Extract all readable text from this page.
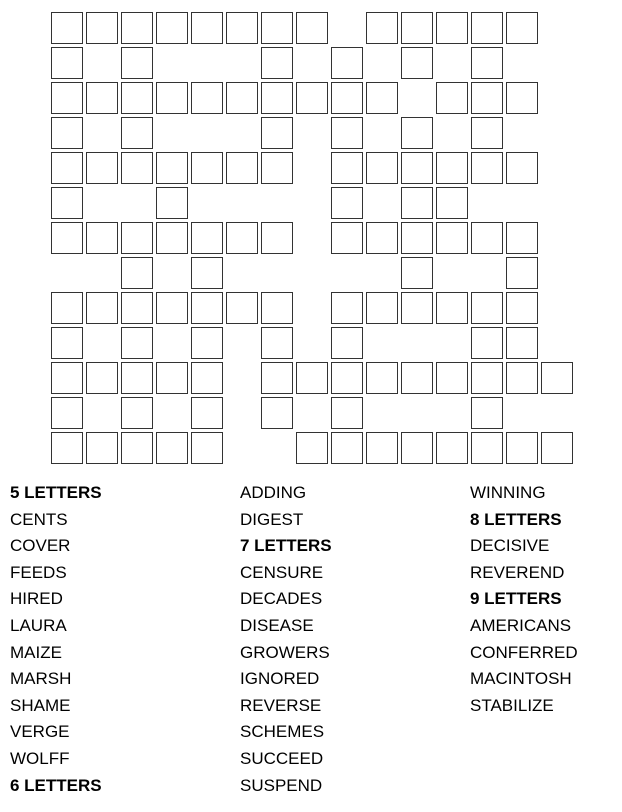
5 LETTERS
CENTS
COVER
FEEDS
HIRED
LAURA
MAIZE
MARSH
SHAME
VERGE
WOLFF
6 LETTERS
ADDING
DIGEST
7 LETTERS
CENSURE
DECADES
DISEASE
GROWERS
IGNORED
REVERSE
SCHEMES
SUCCEED
SUSPEND
WINNING
8 LETTERS
DECISIVE
REVEREND
9 LETTERS
AMERICANS
CONFERRED
MACINTOSH
STABILIZE
